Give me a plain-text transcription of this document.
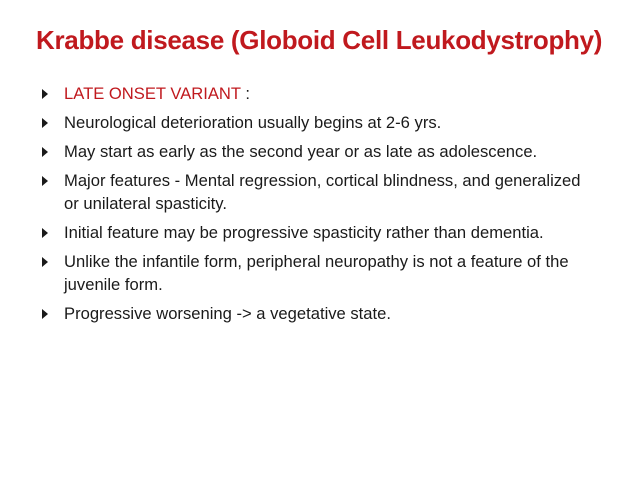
Krabbe disease (Globoid Cell Leukodystrophy)
LATE ONSET VARIANT :
Neurological deterioration usually begins at 2-6 yrs.
May start as early as the second year or as late as adolescence.
Major features - Mental regression, cortical blindness, and generalized or unilateral spasticity.
Initial feature may be progressive spasticity rather than dementia.
Unlike the infantile form, peripheral neuropathy is not a feature of the juvenile form.
Progressive worsening -> a vegetative state.
